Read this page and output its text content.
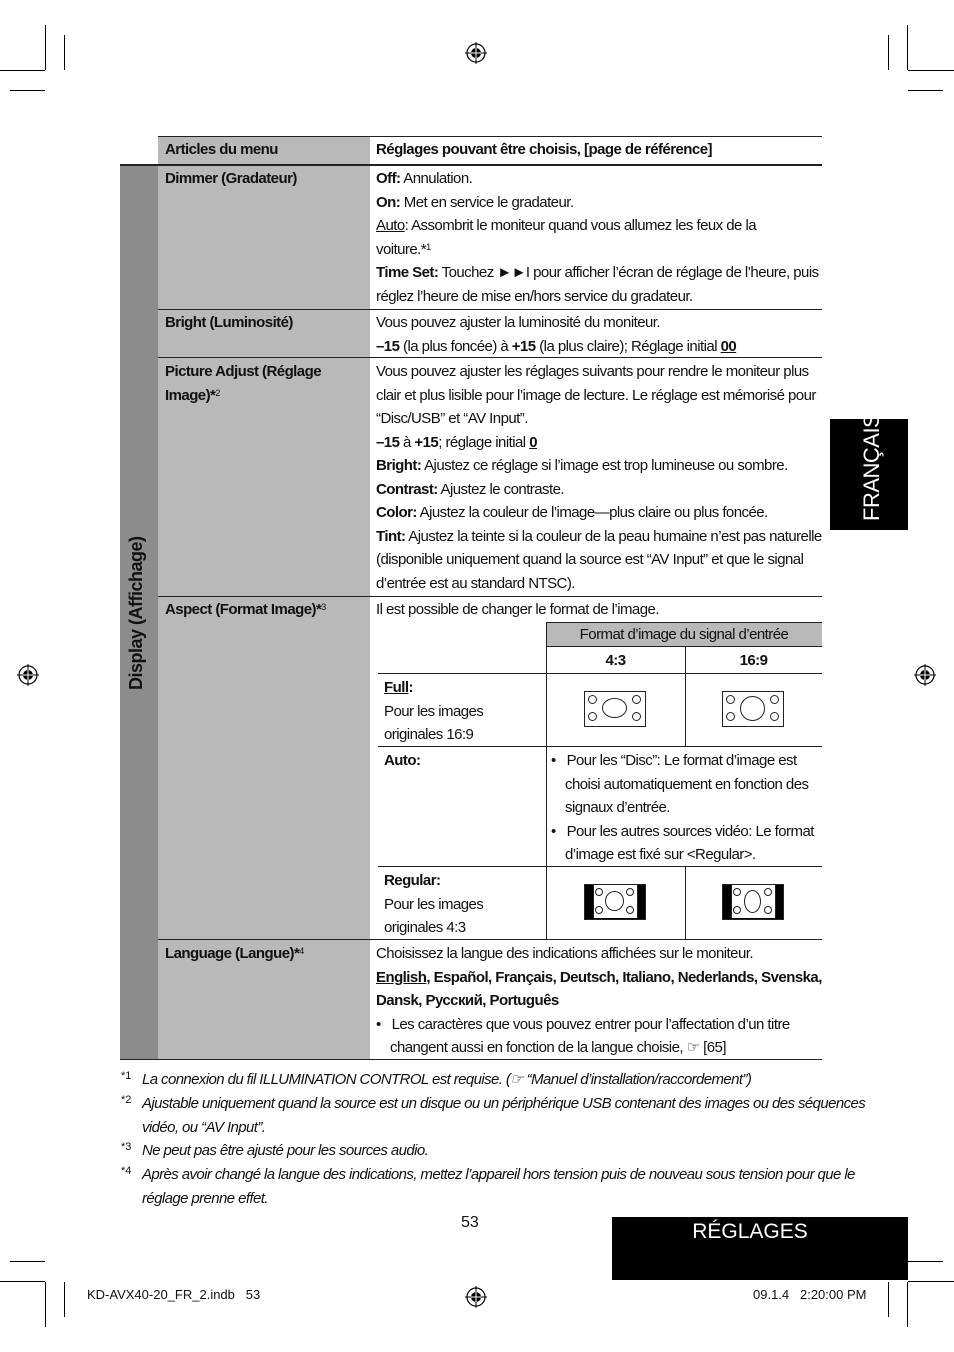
Articles du menu	Réglages pouvant être choisis, [page de référence]
Display (Affichage)
Dimmer (Gradateur)	Off: Annulation.
On: Met en service le gradateur.
Auto: Assombrit le moniteur quand vous allumez les feux de la
voiture.*$^1$
Time Set: Touchez ►►I pour afficher l’écran de réglage de l’heure, puis
réglez l’heure de mise en/hors service du gradateur.
Bright (Luminosité)	Vous pouvez ajuster la luminosité du moniteur.
–15 (la plus foncée) à +15 (la plus claire); Réglage initial 00
Picture Adjust (Réglage
Image)*$^2$
Vous pouvez ajuster les réglages suivants pour rendre le moniteur plus
clair et plus lisible pour l’image de lecture. Le réglage est mémorisé pour
“Disc/USB” et “AV Input”.
–15 à +15; réglage initial 0
Bright: Ajustez ce réglage si l’image est trop lumineuse ou sombre.
Contrast: Ajustez le contraste.
Color: Ajustez la couleur de l’image—plus claire ou plus foncée.
Tint: Ajustez la teinte si la couleur de la peau humaine n’est pas naturelle
(disponible uniquement quand la source est “AV Input” et que le signal
d’entrée est au standard NTSC).
Aspect (Format Image)*$^3$	Il est possible de changer le format de l’image.
Format d’image du signal d’entrée
4:3	16:9
Full:
Pour les images
originales 16:9
Auto:	•   Pour les “Disc”: Le format d’image est
choisi automatiquement en fonction des
signaux d’entrée.
•   Pour les autres sources vidéo: Le format
d’image est fixé sur <Regular>.
Regular:
Pour les images
originales 4:3
Language (Langue)*$^4$	Choisissez la langue des indications affichées sur le moniteur.
English, Español, Français, Deutsch, Italiano, Nederlands, Svenska,
Dansk, Русский, Português
•   Les caractères que vous pouvez entrer pour l’affectation d’un titre
changent aussi en fonction de la langue choisie, ☞ [65]
*1 La connexion du fil ILLUMINATION CONTROL est requise. (☞ “Manuel d’installation/raccordement”)
*2 Ajustable uniquement quand la source est un disque ou un périphérique USB contenant des images ou des séquences
vidéo, ou “AV Input”.
*3 Ne peut pas être ajusté pour les sources audio.
*4 Après avoir changé la langue des indications, mettez l’appareil hors tension puis de nouveau sous tension pour que le
réglage prenne effet.
FRANÇAIS
RÉGLAGES
53
KD-AVX40-20_FR_2.indb   53	09.1.4   2:20:00 PM
